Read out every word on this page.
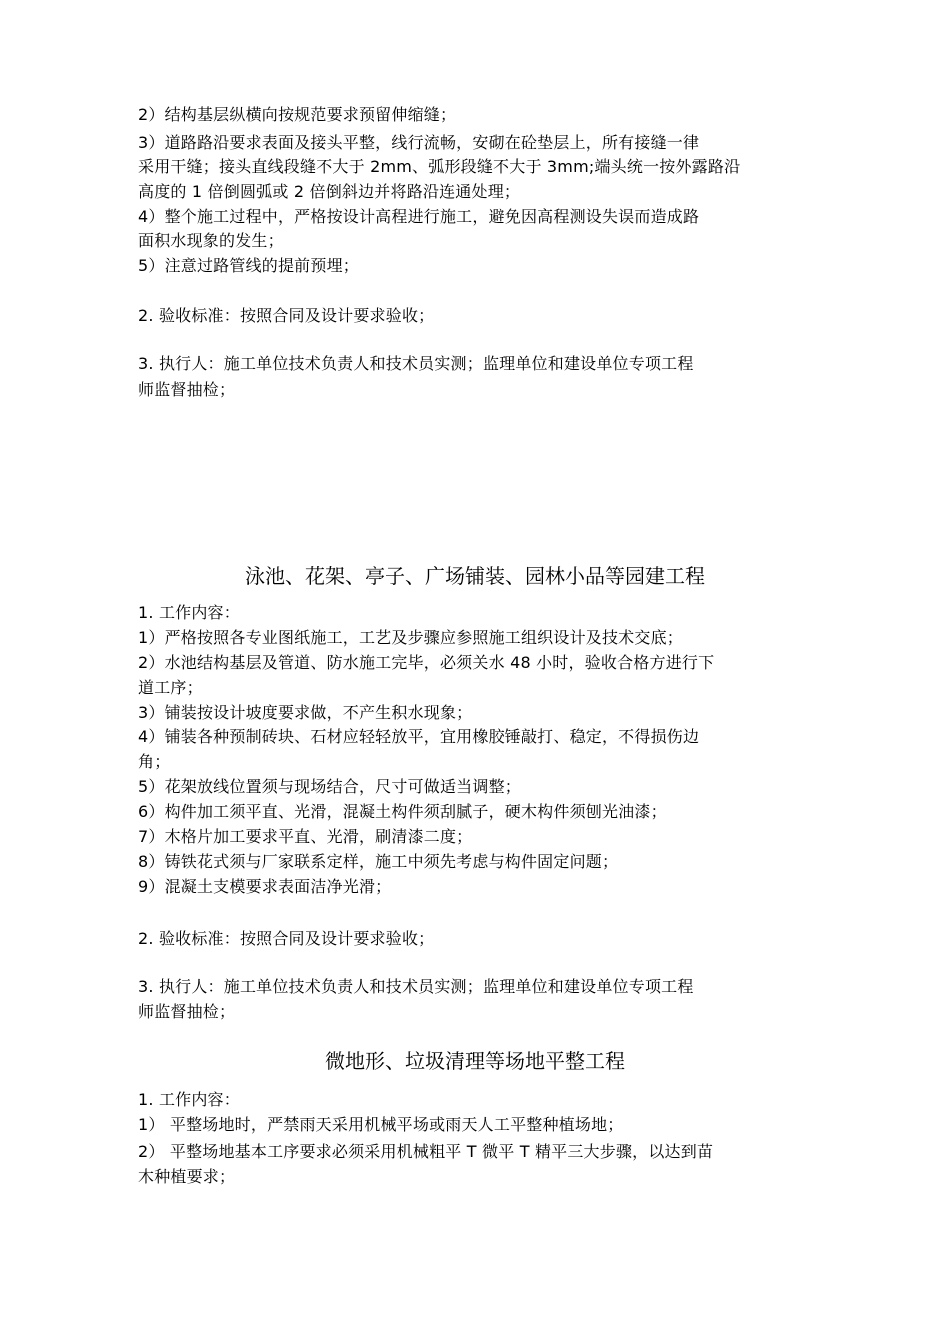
2）结构基层纵横向按规范要求预留伸缩缝；
3）道路路沿要求表面及接头平整，线行流畅，安砌在砼垫层上，所有接缝一律
采用干缝；接头直线段缝不大于 2mm、弧形段缝不大于 3mm;端头统一按外露路沿
高度的 1 倍倒圆弧或 2 倍倒斜边并将路沿连通处理；
4）整个施工过程中，严格按设计高程进行施工，避免因高程测设失误而造成路
面积水现象的发生；
5）注意过路管线的提前预埋；
2. 验收标准：按照合同及设计要求验收；
3. 执行人：施工单位技术负责人和技术员实测；监理单位和建设单位专项工程
师监督抽检；
泳池、花架、亭子、广场铺装、园林小品等园建工程
1. 工作内容：
1）严格按照各专业图纸施工，工艺及步骤应参照施工组织设计及技术交底；
2）水池结构基层及管道、防水施工完毕，必须关水 48 小时，验收合格方进行下
道工序；
3）铺装按设计坡度要求做，不产生积水现象；
4）铺装各种预制砖块、石材应轻轻放平，宜用橡胶锤敲打、稳定，不得损伤边
角；
5）花架放线位置须与现场结合，尺寸可做适当调整；
6）构件加工须平直、光滑，混凝土构件须刮腻子，硬木构件须刨光油漆；
7）木格片加工要求平直、光滑，刷清漆二度；
8）铸铁花式须与厂家联系定样，施工中须先考虑与构件固定问题；
9）混凝土支模要求表面洁净光滑；
2. 验收标准：按照合同及设计要求验收；
3. 执行人：施工单位技术负责人和技术员实测；监理单位和建设单位专项工程
师监督抽检；
微地形、垃圾清理等场地平整工程
1. 工作内容：
1） 平整场地时，严禁雨天采用机械平场或雨天人工平整种植场地；
2） 平整场地基本工序要求必须采用机械粗平 T 微平 T 精平三大步骤，以达到苗
木种植要求；
